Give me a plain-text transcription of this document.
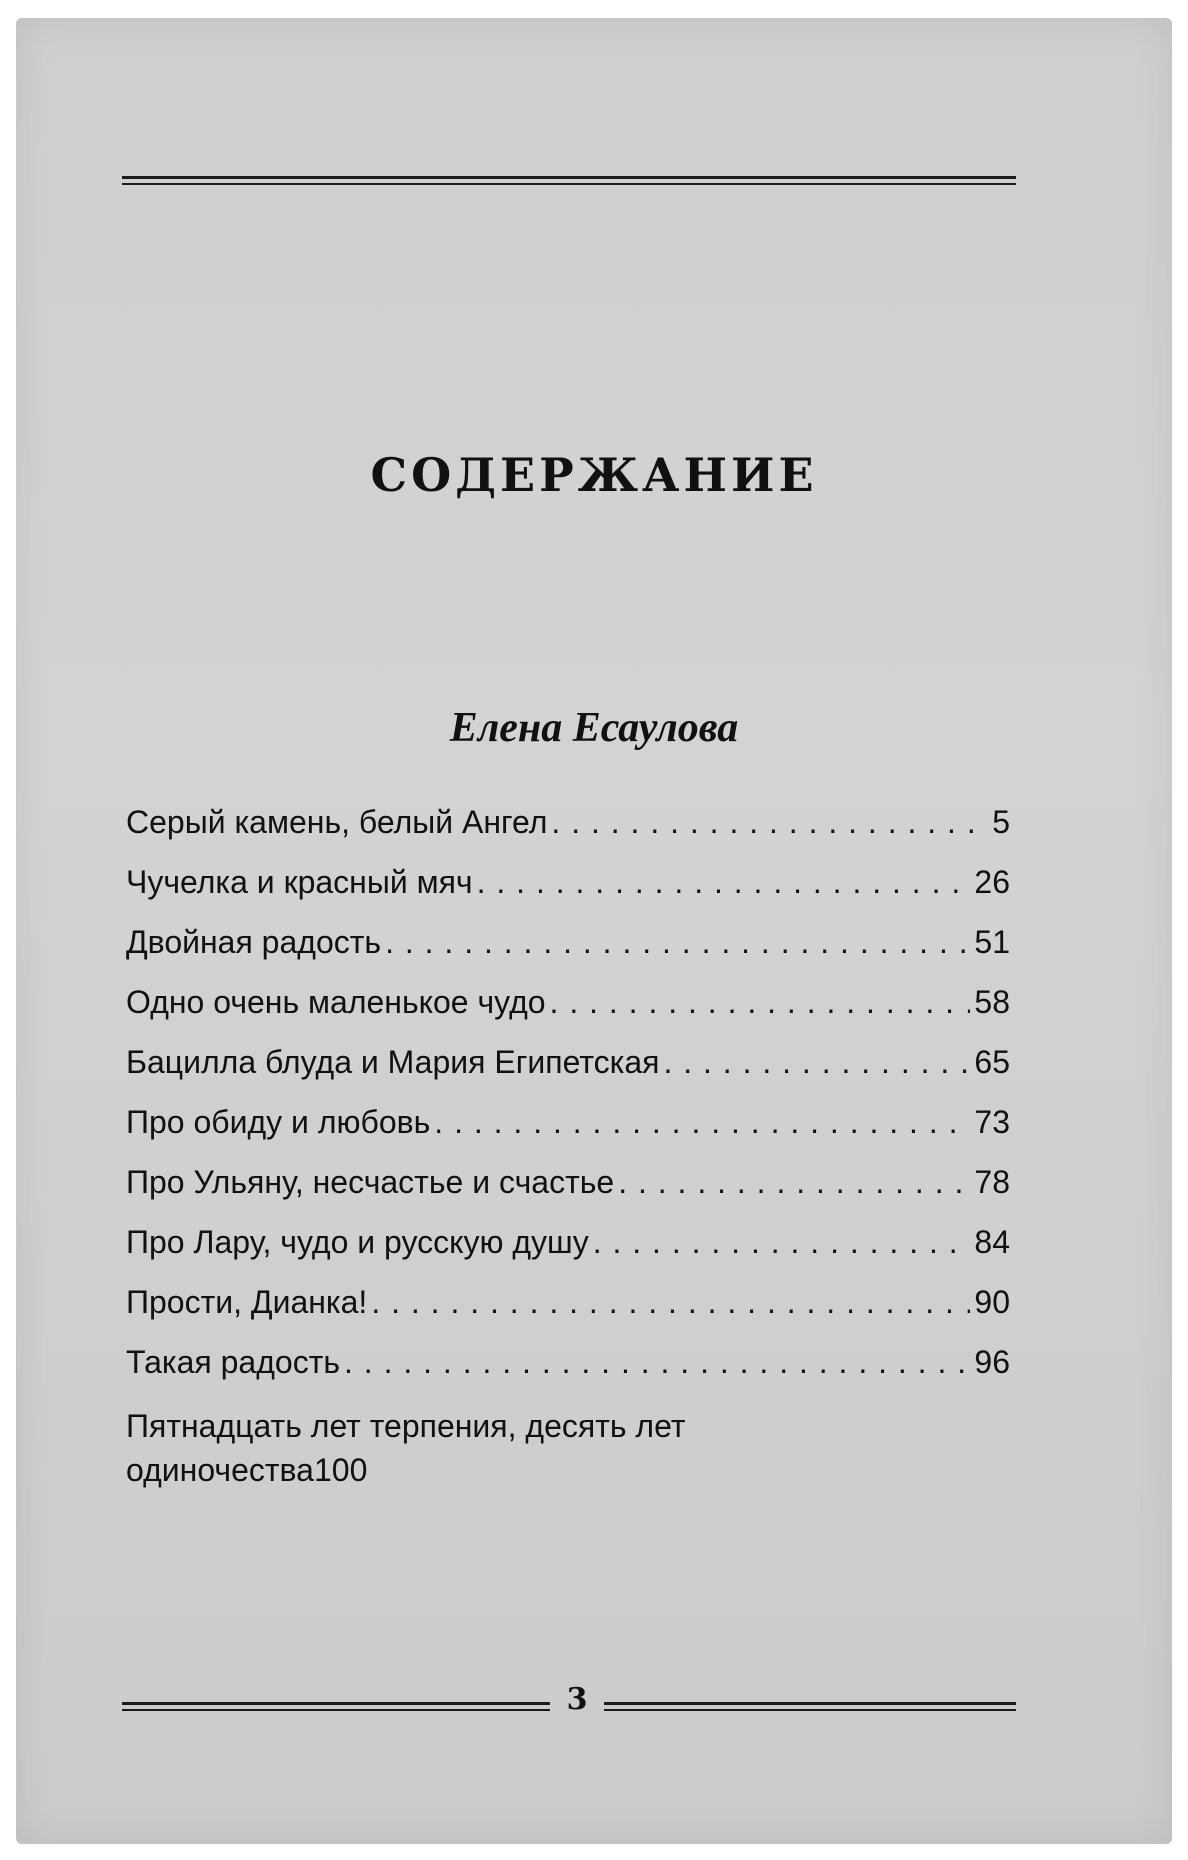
СОДЕРЖАНИЕ
Елена Есаулова
Серый камень, белый Ангел . . .	5
Чучелка и красный мяч . . .	26
Двойная радость . . .	51
Одно очень маленькое чудо . . .	58
Бацилла блуда и Мария Египетская . . .	65
Про обиду и любовь . . .	73
Про Ульяну, несчастье и счастье . . .	78
Про Лару, чудо и русскую душу . . .	84
Прости, Дианка! . . .	90
Такая радость . . .	96
Пятнадцать лет терпения, десять лет
одиночества 100
3
